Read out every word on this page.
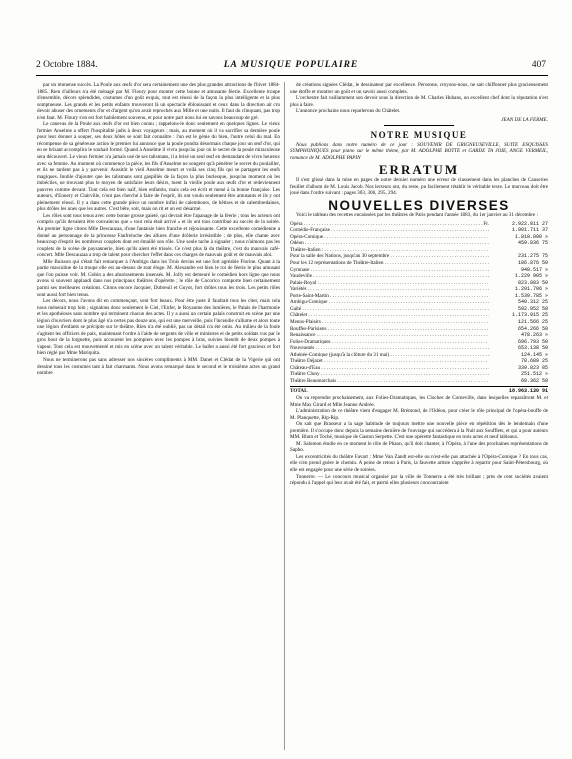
2 Octobre 1884.	LA MUSIQUE POPULAIRE	407

par un immense succès. La Poule aux œufs d'or sera certainement une des plus grandes attractions de l'hiver 1884-1885. Rien d'ailleurs n'a été ménagé par M. Floury pour monter cette bonne et amusante féerie. Excellente troupe d'ensemble, décors splendides, costumes d'un goût exquis, tout est réussi de la façon la plus intelligente et la plus somptueuse. Les grands et les petits enfants trouveront là un spectacle éblouissant et ceux dans la direction ait cru devoir abuser des ornements d'or et d'argent qu'on avait reprochés aux Mille et une nuits. Il faut du clinquant, pas trop n'en faut. M. Floury s'en est fort habilement souvenu, et pour notre part nous lui en savons beaucoup de gré.

Le canevas de la Poule aux œufs d'or est bien connu ; rappelons-le donc seulement en quelques lignes. Le vieux fermier Anselme a offert l'hospitalité jadis à deux voyageurs ; mais, au moment où il va sacrifier sa dernière poule pour leur donner à souper, ses deux hôtes se sont fait connaître : l'un est le génie du bien, l'autre celui du mal. En récompense de sa généreuse action le premier lui annonce que la poule pondra désormais chaque jour un œuf d'or, qui en se brisant accomplira le souhait formé. Quand à Anselme il vivra jusqu'au jour où le secret de la poule miraculeuse sera découvert. Le vieux fermier n'a jamais usé de ses talismans, il a brisé un seul œuf en demandant de vivre heureux avec sa femme. Au moment où commence la pièce, les fils d'Anselme ne songent qu'à pénétrer le secret du poulailler, et ils ne tardent pas à y parvenir. Aussitôt le vieil Anselme meurt et voilà ses cinq fils qui se partagent les œufs magiques. Inutile d'ajouter que les talismans sont gaspillés de la façon la plus burlesque, jusqu'au moment où les imbéciles, ne trouvant plus le moyen de satisfaire leurs désirs, tuent la vieille poule aux œufs d'or et redeviennent pauvres comme devant. Tout cela est bien naïf, bien enfantin, mais cela est écrit et mené à la bonne française. Les auteurs, d'Ennery et Clairville, n'ont pas cherché à faire de l'esprit, ils ont voulu seulement être amusants et ils y ont pleinement réussi. Il y a dans cette grande pièce un nombre infini de calembours, de bêtises et de calembredaines, plus drôles les unes que les autres. C'est bête, soit, mais on rit et on est désarmé.

Les rôles sont tous tenus avec cette bonne grosse gaieté, qui devrait être l'apanage de la féerie ; tous les acteurs ont compris qu'ils devaient être convaincus que « tout cela était arrivé » et ils ont tous contribué au succès de la soirée. Au premier ligne citons Mlle Descauzaa, d'une fantaisie bien franche et réjouissante. Cette excellente comédienne a donné au personnage de la princesse Fanfreluche des allures d'une drôlerie irrésistible ; de plus, elle chante avec beaucoup d'esprit les nombreux couplets dont est émaillé son rôle. Une seule tache à signaler ; nous n'aimons pas les couplets de la scène de paysannerie, bien qu'ils aient été trissés. Ce n'est plus là du théâtre, c'est du mauvais café-concert. Mlle Descauzaa a trop de talent pour chercher l'effet dans ces charges de mauvais goût et de mauvais aloi.

Mlle Buisson qui s'était fait remarquer à l'Ambigu dans les Trois devins est une fort agréable Florine. Quant à la partie masculine de la troupe elle est au-dessus de tout éloge. M. Alexandre est bien le roi de féerie le plus amusant que l'on puisse voir. M. Gobin a des ahurissements insensés. M. Jolly est demeuré le comédien hors ligne que nous avons si souvent applaudi dans nos principaux théâtres d'opérette ; le rôle de Cocorico comporte bien certainement parmi ses meilleures créations. Citons encore Jacquier, Dubreuil et Guyot, fort drôles tous les trois. Les petits rôles sont aussi fort bien tenus.

Les décors, nous l'avons dit en commençant, sont fort beaux. Pour être juste il faudrait tous les citer, mais cela nous mènerait trop loin ; signalons donc seulement le Ciel, l'Enfer, le Royaume des lumières, le Palais de l'harmonie et les apothéoses sans nombre qui terminent chacun des actes. Il y a aussi un certain palais construit en scène par une légion d'ouvriers dont le plus âgé n'a certes pas douze ans, qui est une merveille, puis l'incendie s'allume et alors toute une légion d'enfants se précipite sur le théâtre. Rien n'a été oublié, pas un détail n'a été omis. Au milieu de la foule s'agitent les officiers de paix, maintenant l'ordre à l'aide de sergents de ville et ministres et de petits soldats vus par le gros bout de la lorgnette, puis accourent les pompiers avec les pompes à bras, suivies bientôt de deux pompes à vapeur. Tout cela est mouvementé et mis en scène avec un talent véritable. Le ballet a aussi été fort gracieux et fort bien réglé par Mme Mariquita.

Nous ne terminerons pas sans adresser nos sincères compliments à MM. Danet et Clédat de la Vigerie qui ont dessiné tous les costumes tant à fait charmants. Nous avons remarqué dans le second et le troisième actes un grand nombre

de créations signées Clédat, le dessinateur par excellence. Personne, croyons-nous, ne sait chiffonner plus gracieusement une étoffe et montrer un goût et un savoir aussi complets.

L'orchestre fait vaillamment son devoir sous la direction de M. Charles Hubans, un excellent chef dont la réputation n'est plus à faire.

L'annonce prochaine nous reparlerons du Châtelet.

JEAN DE LA FERME.
NOTRE MUSIQUE

Nous publions dans notre numéro de ce jour : SOUVENIR DE GRIGNEUSEVILLE, SUITE ESQUISSES SYMPHONIQUES pour piano sur le même thème, par M. ADOLPHE BOTTE et GARDE TA JOIE, ANGE VERMEIL, romance de M. ADOLPHE PAPIN

ERRATUM

Il s'est glissé dans la mise en pages de notre dernier numéro une erreur de classement dans les planches de Causeries feuillet d'album de M. Louis Jacob. Nos lecteurs ont, du reste, pu facilement rétablir le véritable texte. Le morceau doit être joué dans l'ordre suivant : pages 303, 306, 295, 294.

NOUVELLES DIVERSES

Voici le tableau des recettes encaissées par les théâtres de Paris pendant l'année 1883, du 1er janvier au 31 décembre :

Opéra . . .	Fr.	2.922.811 27
Comédie-Française . . .	1.901.711 37
Opéra-Comique . . .	1.818.090 »
Odéon . . .	459.836 75
Théâtre-Italien : . . .
Pour la salle des Nations, jusqu'au 30 septembre . . .	231.275 75
Pour les 12 représentations de Théâtre-Italien . . .	186.876 50
Gymnase . . .	948.517 »
Vaudeville . . .	1.229 905 »
Palais-Royal . . .	823.083 50
Variétés . . .	1.201.706 »
Porte-Saint-Martin . . .	1.539.785 »
Ambigu-Comique . . .	540.312 25
Gaîté . . .	592.952 50
Châtelet . . .	1.173.915 25
Menus-Plaisirs . . .	121.566 25
Bouffes-Parisiens . . .	654.266 50
Renaissance . . .	478.263 »
Folies-Dramatiques . . .	696.793 50
Nouveautés . . .	653.138 50
Athénée-Comique (jusqu'à la clôture du 31 mai) . . .	124.145 »
Théâtre Déjazet . . .	78.689 25
Château-d'Eau . . .	339.823 85
Théâtre Cluny . . .	251.512 »
Théâtre Beaumarchais . . .	60.362 50
TOTAL	18.963.130 91

On va reprendre prochainement, aux Folies-Dramatiques, les Cloches de Corneville, dans lesquelles reparaîtront M. et Mme Max Girard et Mlle Jeanne Andrée.

L'administration de ce théâtre vient d'engager M. Brémond, de l'Odéon, pour créer le rôle principal de l'opéra-bouffe de M. Planquette, Rip-Rip.

On sait que Brasseur a la sage habitude de toujours mettre une nouvelle pièce en répétition dès le lendemain d'une première. Il s'occupe donc depuis la semaine dernière de l'ouvrage qui succédera à la Nuit aux Soufflets, et qui a pour auteurs MM. Blum et Toché, musique de Gaston Serpette. C'est une opérette fantastique en trois actes et neuf tableaux.

M. Salomon étudie en ce moment le rôle de Phaon, qu'il doit chanter, à l'Opéra, à l'une des prochaines représentations de Sapho.

Les excentricités du théâtre Favart : Mme Van Zandt est-elle ou n'est-elle pas attachée à l'Opéra-Comique ? En tous cas, elle n'en prend guère le chemin. A peine de retour à Paris, la fauvette artiste s'apprête à repartir pour Saint-Pétersbourg, où elle est engagée pour une série de soirées.

Tonnerre. — Le concours musical organisé par la ville de Tonnerre a été très brillant ; près de cent sociétés avaient répondu à l'appel qui leur avait été fait, et parmi elles plusieurs concourraient
